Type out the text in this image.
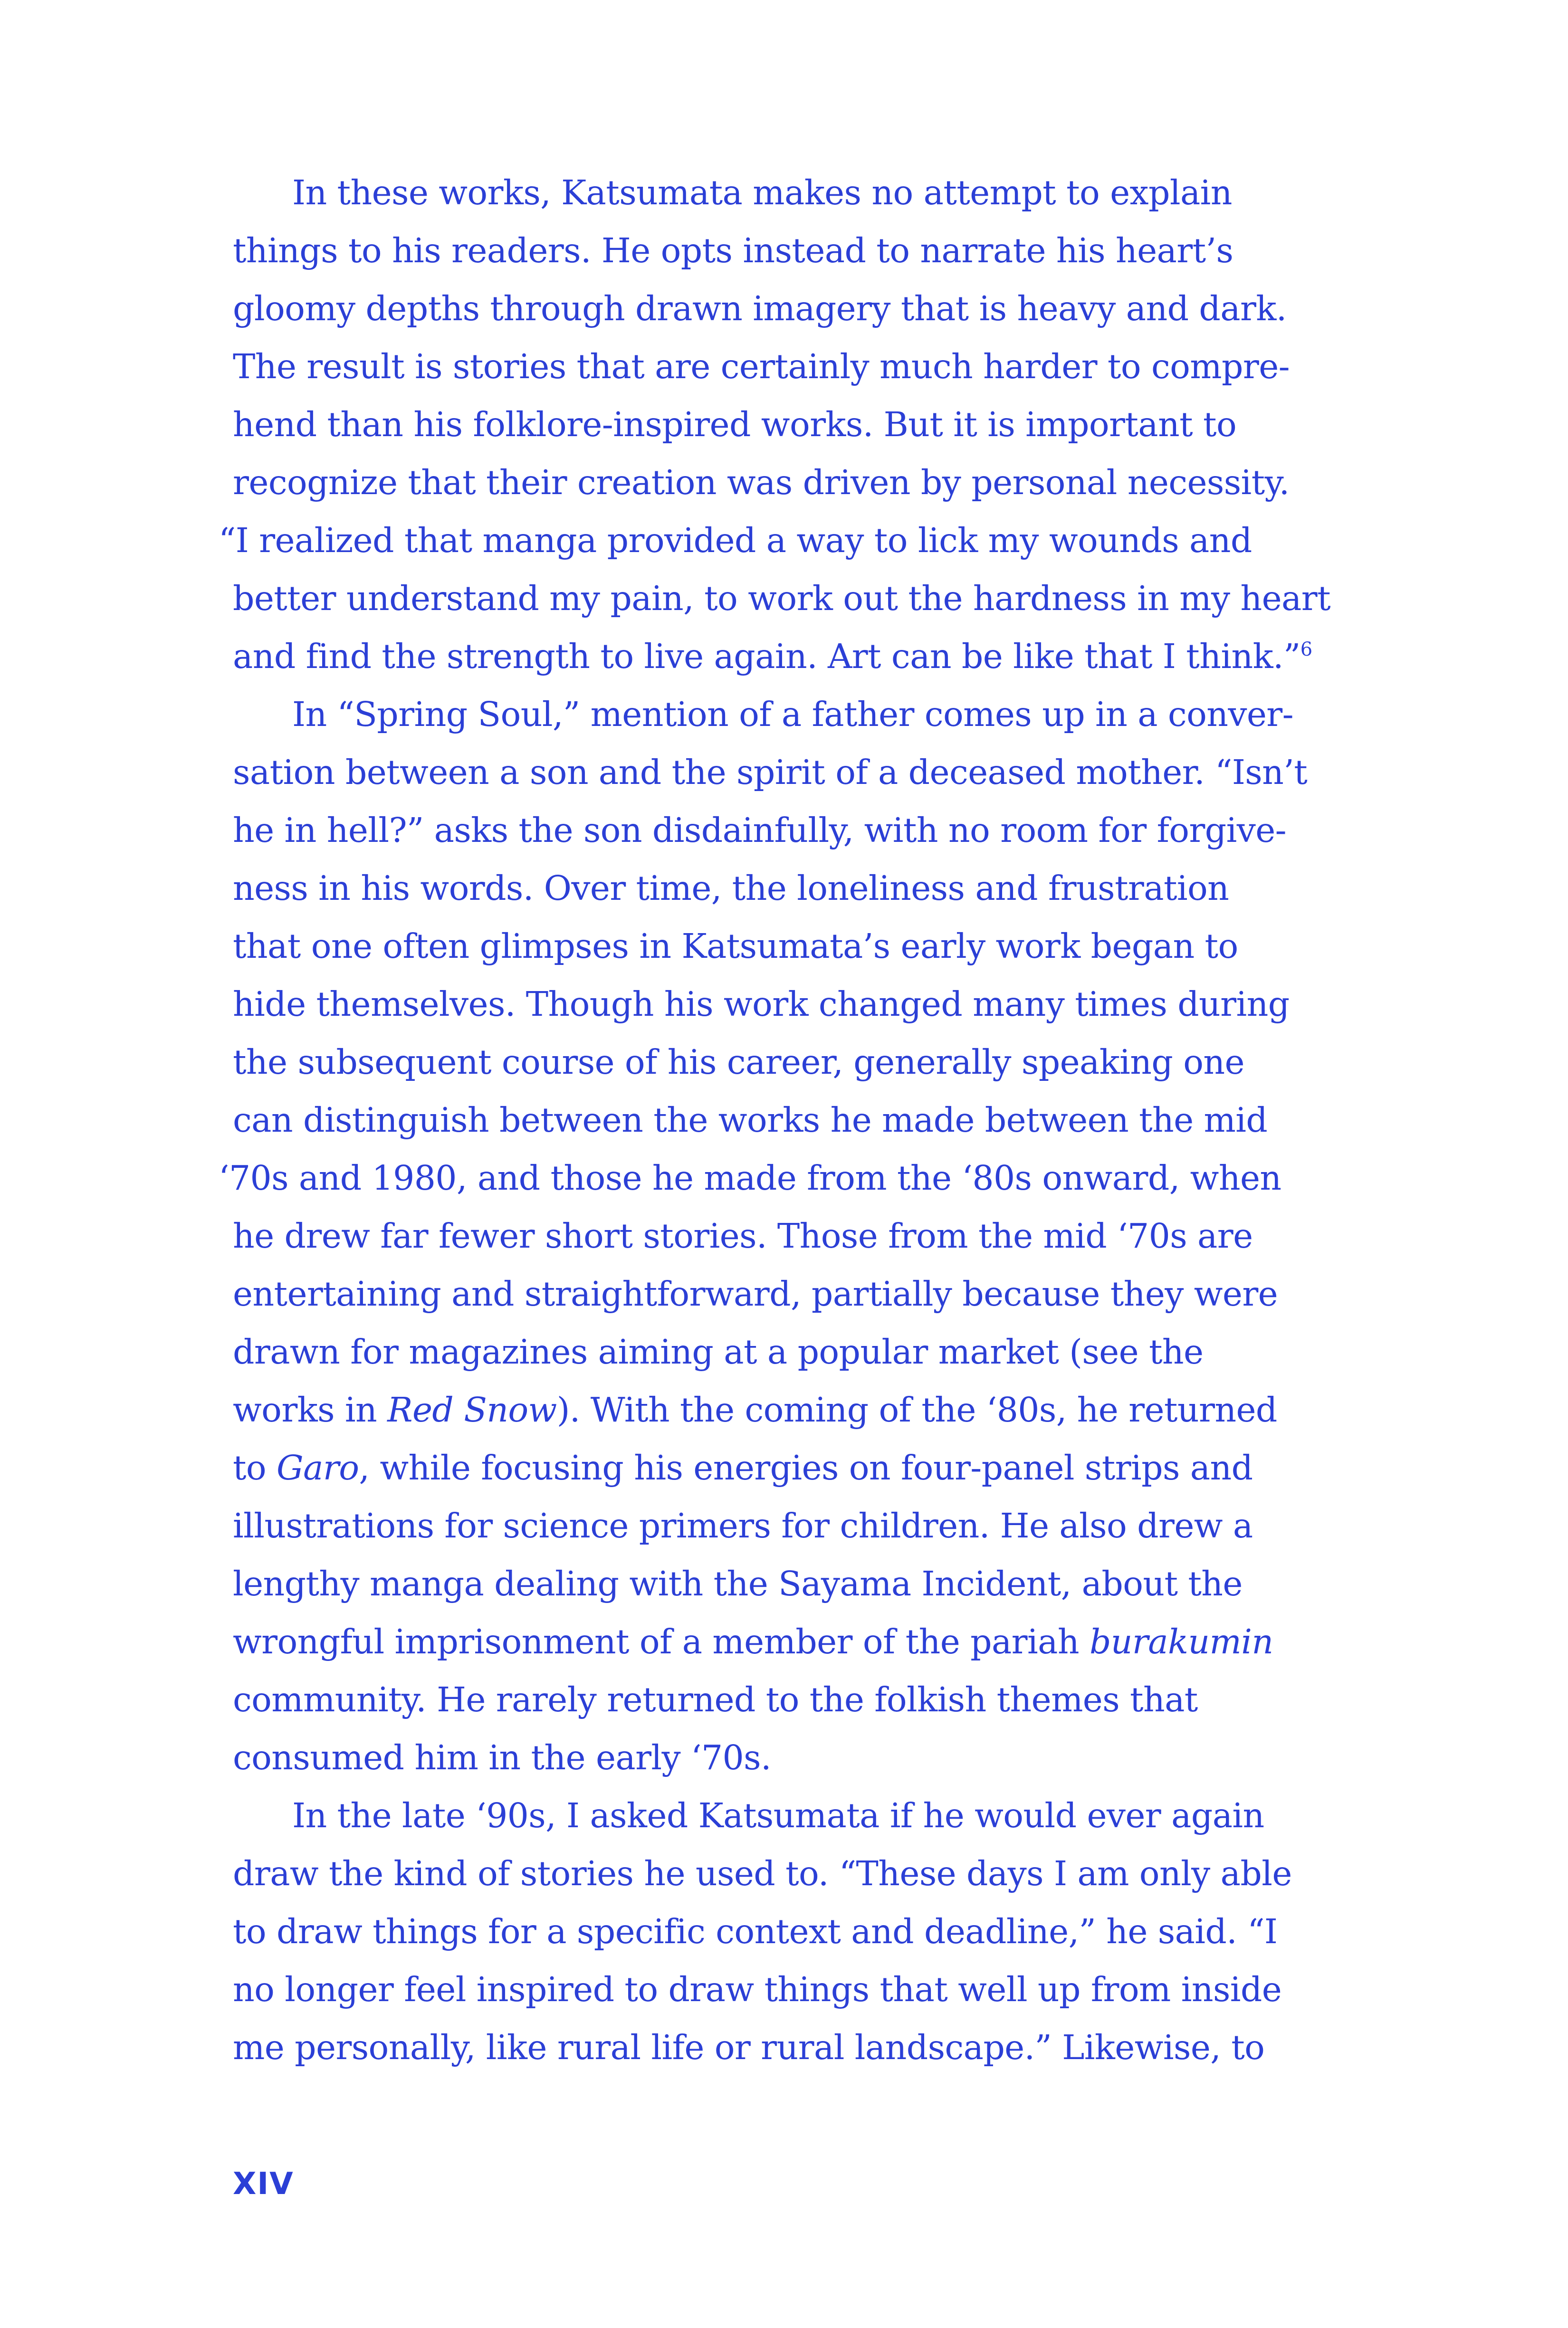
In these works, Katsumata makes no attempt to explain
things to his readers. He opts instead to narrate his heart’s
gloomy depths through drawn imagery that is heavy and dark.
The result is stories that are certainly much harder to compre-
hend than his folklore-inspired works. But it is important to
recognize that their creation was driven by personal necessity.
“I realized that manga provided a way to lick my wounds and
better understand my pain, to work out the hardness in my heart
and find the strength to live again. Art can be like that I think.”$^6$
In “Spring Soul,” mention of a father comes up in a conver-
sation between a son and the spirit of a deceased mother. “Isn’t
he in hell?” asks the son disdainfully, with no room for forgive-
ness in his words. Over time, the loneliness and frustration
that one often glimpses in Katsumata’s early work began to
hide themselves. Though his work changed many times during
the subsequent course of his career, generally speaking one
can distinguish between the works he made between the mid
‘70s and 1980, and those he made from the ‘80s onward, when
he drew far fewer short stories. Those from the mid ‘70s are
entertaining and straightforward, partially because they were
drawn for magazines aiming at a popular market (see the
works in Red Snow). With the coming of the ‘80s, he returned
to Garo, while focusing his energies on four-panel strips and
illustrations for science primers for children. He also drew a
lengthy manga dealing with the Sayama Incident, about the
wrongful imprisonment of a member of the pariah burakumin
community. He rarely returned to the folkish themes that
consumed him in the early ‘70s.
In the late ‘90s, I asked Katsumata if he would ever again
draw the kind of stories he used to. “These days I am only able
to draw things for a specific context and deadline,” he said. “I
no longer feel inspired to draw things that well up from inside
me personally, like rural life or rural landscape.” Likewise, to
XIV
